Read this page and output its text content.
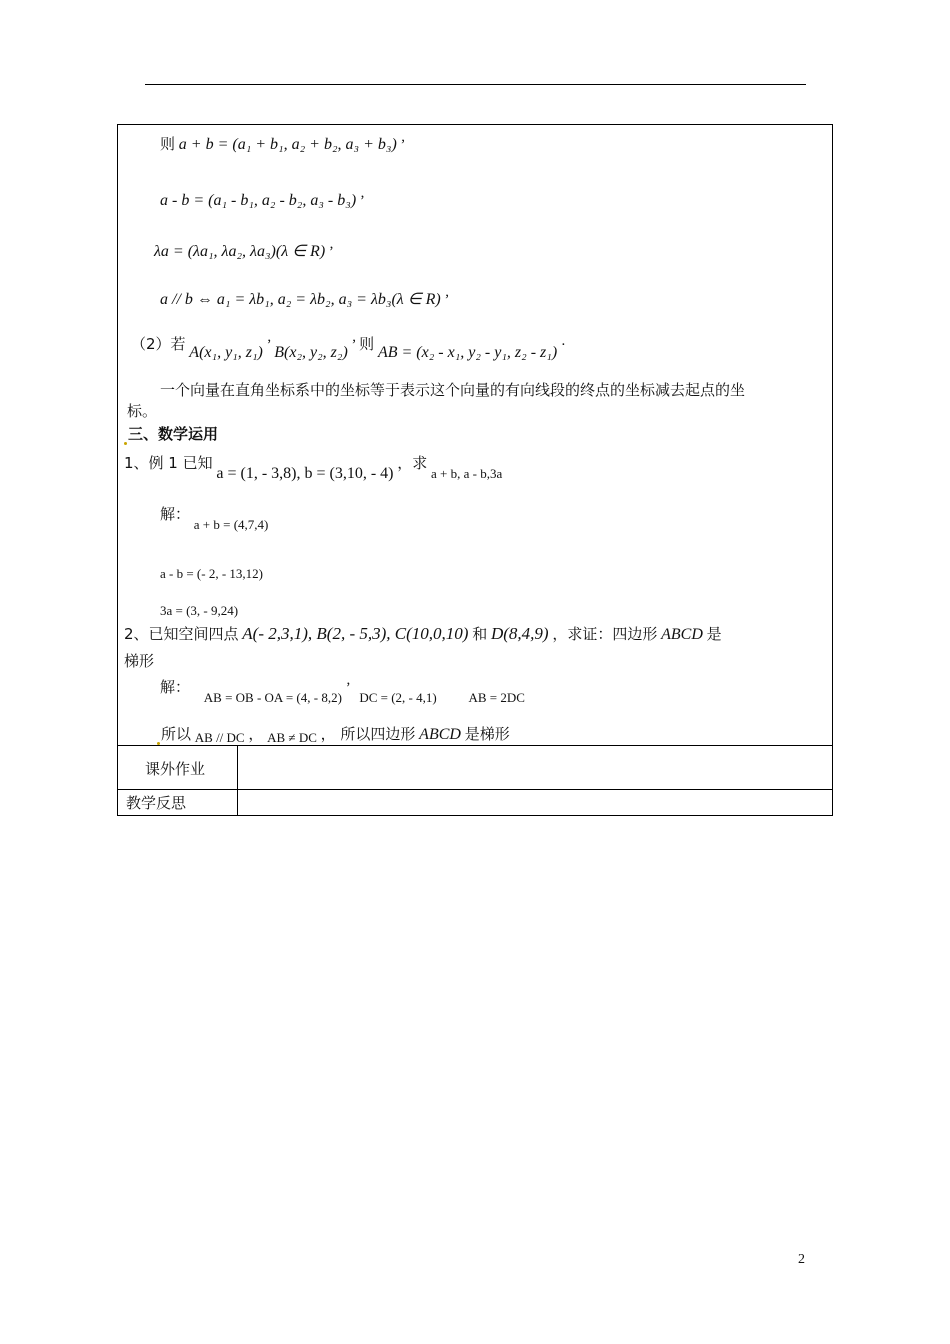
则 a + b = (a₁ + b₁, a₂ + b₂, a₃ + b₃) ’
a - b = (a₁ - b₁, a₂ - b₂, a₃ - b₃) ’
λa = (λa₁, λa₂, λa₃)(λ ∈ R) ’
a // b ⇔ a₁ = λb₁, a₂ = λb₂, a₃ = λb₃(λ ∈ R) ’
（2）若 A(x₁, y₁, z₁) ’ B(x₂, y₂, z₂) ’ 则 AB = (x₂ - x₁, y₂ - y₁, z₂ - z₁) ·
一个向量在直角坐标系中的坐标等于表示这个向量的有向线段的终点的坐标减去起点的坐
标。
三、数学运用
1、例 1 已知 a = (1, - 3,8), b = (3,10, - 4) ，求 a + b, a - b,3a
解： a + b = (4,7,4)
a - b = (- 2, - 13,12)
3a = (3, - 9,24)
2、已知空间四点 A(- 2,3,1), B(2, - 5,3), C(10,0,10) 和 D(8,4,9) ，求证：四边形 ABCD 是
梯形
解： AB = OB - OA = (4, - 8,2) ’ DC = (2, - 4,1) AB = 2DC
所以 AB // DC ， AB ≠ DC ， 所以四边形 ABCD 是梯形
课外作业
教学反思
2
